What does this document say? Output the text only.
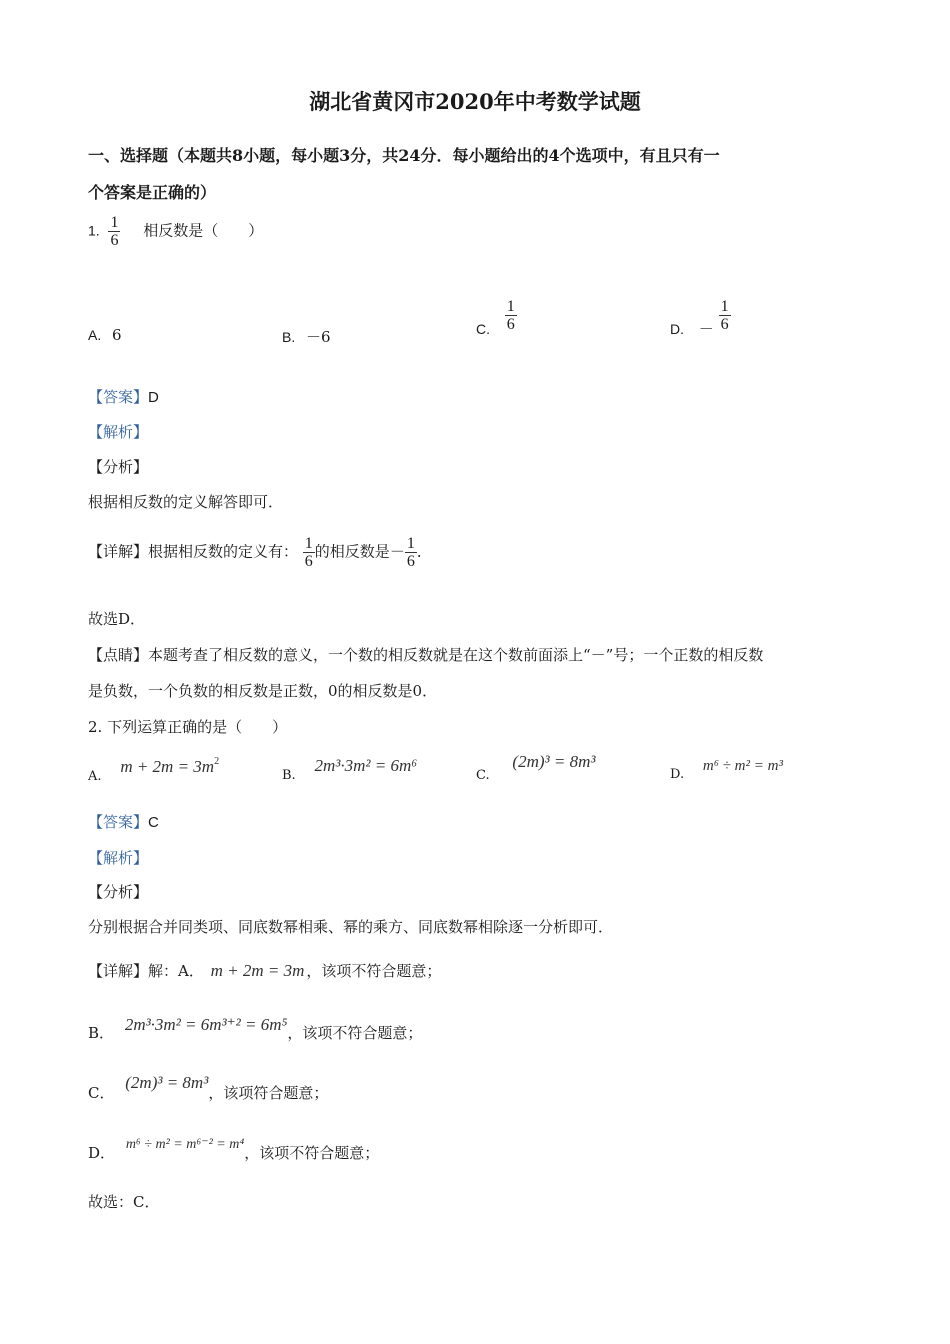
湖北省黄冈市2020年中考数学试题
一、选择题（本题共8小题，每小题3分，共24分．每小题给出的4个选项中，有且只有一
个答案是正确的）
1. $\frac{1}{6}$ 相反数是（　　）
A. 6	B. －6	C. $\frac{1}{6}$	D. － $\frac{1}{6}$
【答案】D
【解析】
【分析】
根据相反数的定义解答即可．
【详解】根据相反数的定义有： $\frac{1}{6}$ 的相反数是－ $\frac{1}{6}$ ．
故选D．
【点睛】本题考查了相反数的意义，一个数的相反数就是在这个数前面添上“－”号；一个正数的相反数
是负数，一个负数的相反数是正数，0的相反数是0．
2. 下列运算正确的是（　　）
A. $m + 2m = 3m^2$
B. 2m³·3m² = 6m⁶
C. (2m)³ = 8m³
D. m⁶ ÷ m² = m³
【答案】C
【解析】
【分析】
分别根据合并同类项、同底数幂相乘、幂的乘方、同底数幂相除逐一分析即可．
【详解】解：A． m + 2m = 3m ，该项不符合题意；
B． 2m³·3m² = 6m³⁺² = 6m⁵，该项不符合题意；
C． (2m)³ = 8m³，该项符合题意；
D． m⁶ ÷ m² = m⁶⁻² = m⁴，该项不符合题意；
故选：C．
